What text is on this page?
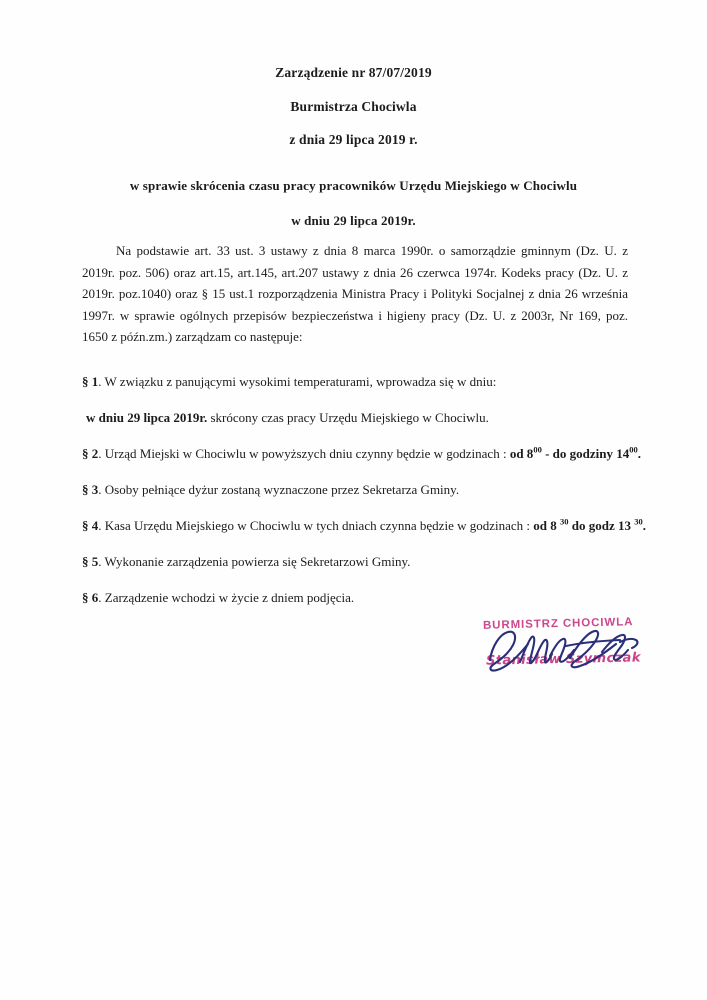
Zarządzenie nr 87/07/2019
Burmistrza Chociwla
z dnia 29 lipca 2019 r.
w sprawie skrócenia czasu pracy pracowników Urzędu Miejskiego w Chociwlu
w dniu 29 lipca 2019r.
Na podstawie art. 33 ust. 3 ustawy z dnia 8 marca 1990r. o samorządzie gminnym (Dz. U. z 2019r. poz. 506) oraz art.15, art.145, art.207 ustawy z dnia 26 czerwca 1974r. Kodeks pracy (Dz. U. z 2019r. poz.1040) oraz § 15 ust.1 rozporządzenia Ministra Pracy i Polityki Socjalnej z dnia 26 września 1997r. w sprawie ogólnych przepisów bezpieczeństwa i higieny pracy (Dz. U. z 2003r, Nr 169, poz. 1650 z późn.zm.) zarządzam co następuje:
§ 1. W związku z panującymi wysokimi temperaturami, wprowadza się w dniu:
w dniu 29 lipca 2019r. skrócony czas pracy Urzędu Miejskiego w Chociwlu.
§ 2. Urząd Miejski w Chociwlu w powyższych dniu czynny będzie w godzinach : od $8^{00}$ - do godziny $14^{00}$.
§ 3. Osoby pełniące dyżur zostaną wyznaczone przez Sekretarza Gminy.
§ 4. Kasa Urzędu Miejskiego w Chociwlu w tych dniach czynna będzie w godzinach : od 8 $^{30}$ do godz 13 $^{30}$.
§ 5. Wykonanie zarządzenia powierza się Sekretarzowi Gminy.
§ 6. Zarządzenie wchodzi w życie z dniem podjęcia.
BURMISTRZ CHOCIWLA
Stanisław Szymczak
